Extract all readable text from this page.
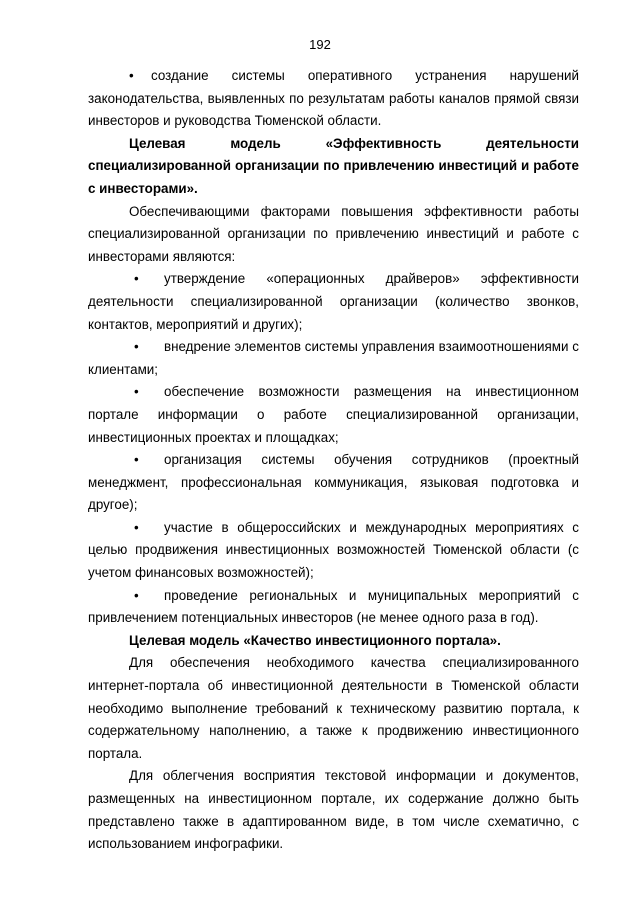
192

• создание системы оперативного устранения нарушений законодательства, выявленных по результатам работы каналов прямой связи инвесторов и руководства Тюменской области.

Целевая модель «Эффективность деятельности специализированной организации по привлечению инвестиций и работе с инвесторами».

Обеспечивающими факторами повышения эффективности работы специализированной организации по привлечению инвестиций и работе с инвесторами являются:

• утверждение «операционных драйверов» эффективности деятельности специализированной организации (количество звонков, контактов, мероприятий и других);

• внедрение элементов системы управления взаимоотношениями с клиентами;

• обеспечение возможности размещения на инвестиционном портале информации о работе специализированной организации, инвестиционных проектах и площадках;

• организация системы обучения сотрудников (проектный менеджмент, профессиональная коммуникация, языковая подготовка и другое);

• участие в общероссийских и международных мероприятиях с целью продвижения инвестиционных возможностей Тюменской области (с учетом финансовых возможностей);

• проведение региональных и муниципальных мероприятий с привлечением потенциальных инвесторов (не менее одного раза в год).

Целевая модель «Качество инвестиционного портала».

Для обеспечения необходимого качества специализированного интернет-портала об инвестиционной деятельности в Тюменской области необходимо выполнение требований к техническому развитию портала, к содержательному наполнению, а также к продвижению инвестиционного портала.

Для облегчения восприятия текстовой информации и документов, размещенных на инвестиционном портале, их содержание должно быть представлено также в адаптированном виде, в том числе схематично, с использованием инфографики.
